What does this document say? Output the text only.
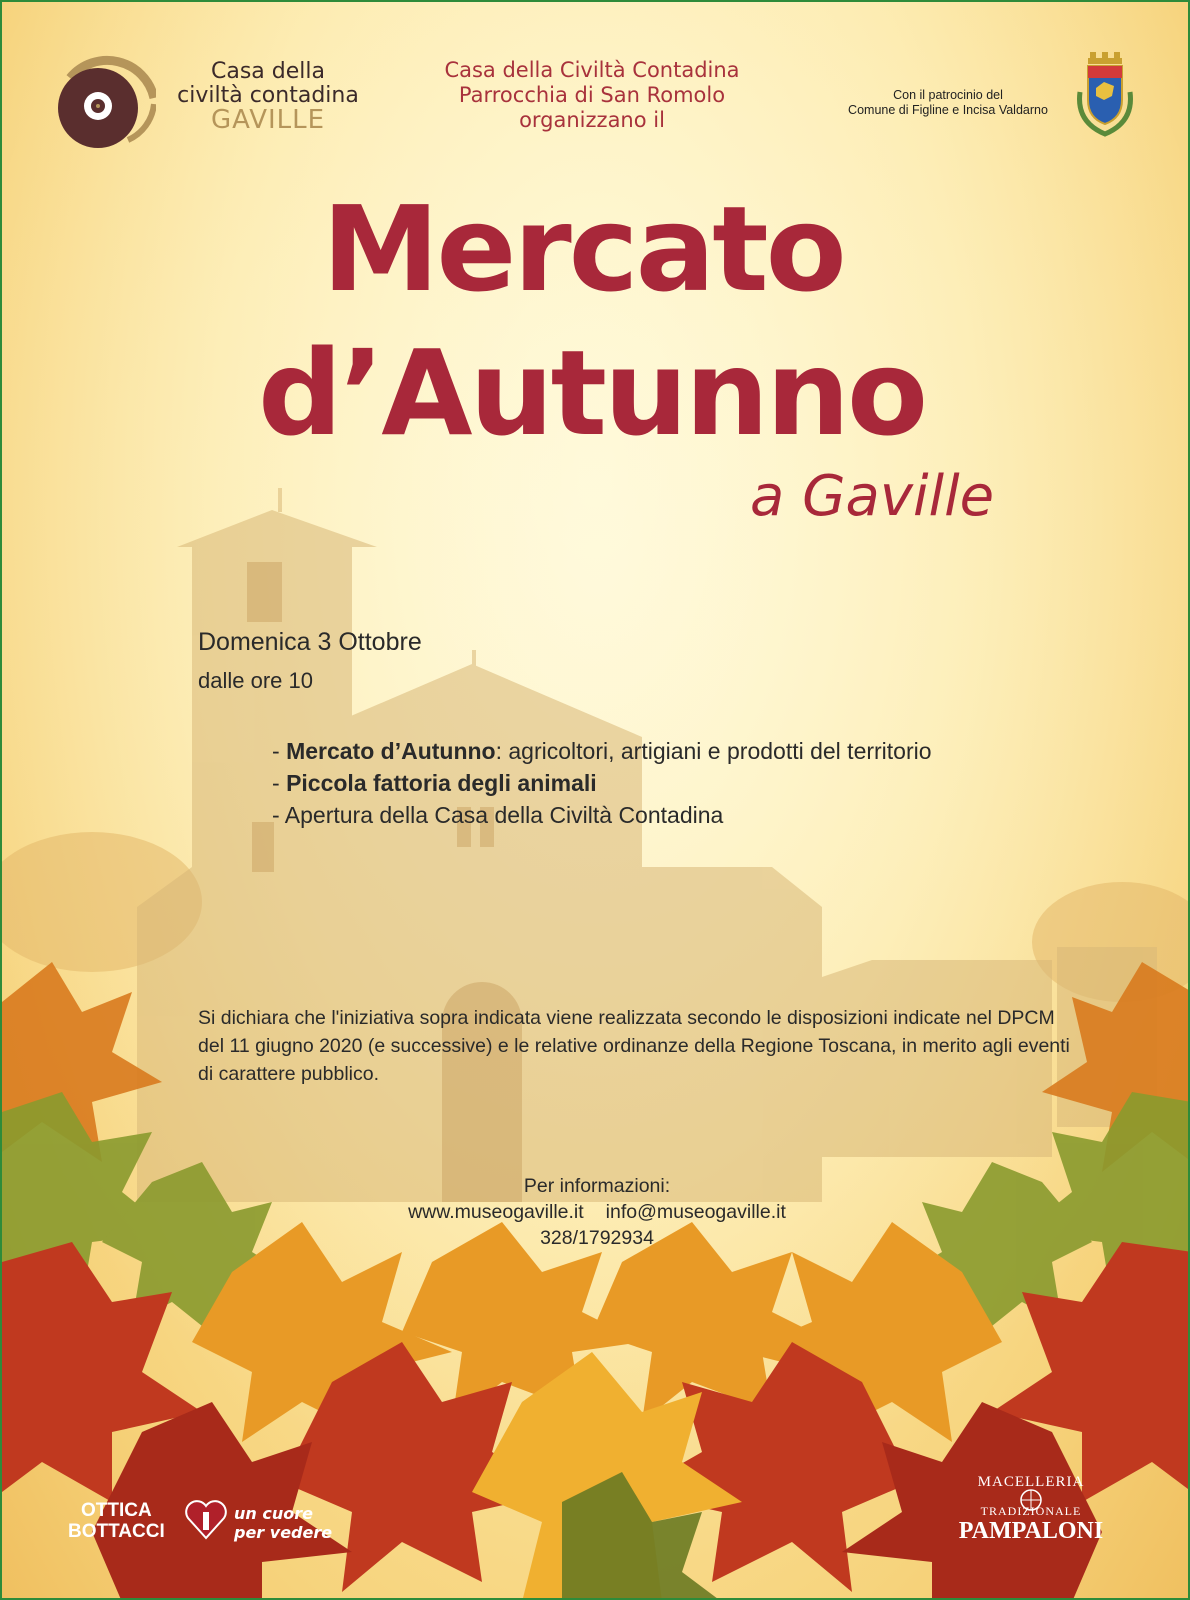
Casa della
civiltà contadina
GAVILLE
Casa della Civiltà Contadina
Parrocchia di San Romolo
organizzano il
Con il patrocinio del
Comune di Figline e Incisa Valdarno
Mercato
d’Autunno
a Gaville
Domenica 3 Ottobre
dalle ore 10
- Mercato d’Autunno: agricoltori, artigiani e prodotti del territorio
- Piccola fattoria degli animali
- Apertura della Casa della Civiltà Contadina
Si dichiara che l'iniziativa sopra indicata viene realizzata secondo le disposizioni indicate nel DPCM del 11 giugno 2020 (e successive) e le relative ordinanze della Regione Toscana, in merito agli eventi di carattere pubblico.
Per informazioni:
www.museogaville.it info@museogaville.it
328/1792934
OTTICA
BOTTACCI
un cuore
per vedere
MACELLERIA
TRADIZIONALE
PAMPALONI
